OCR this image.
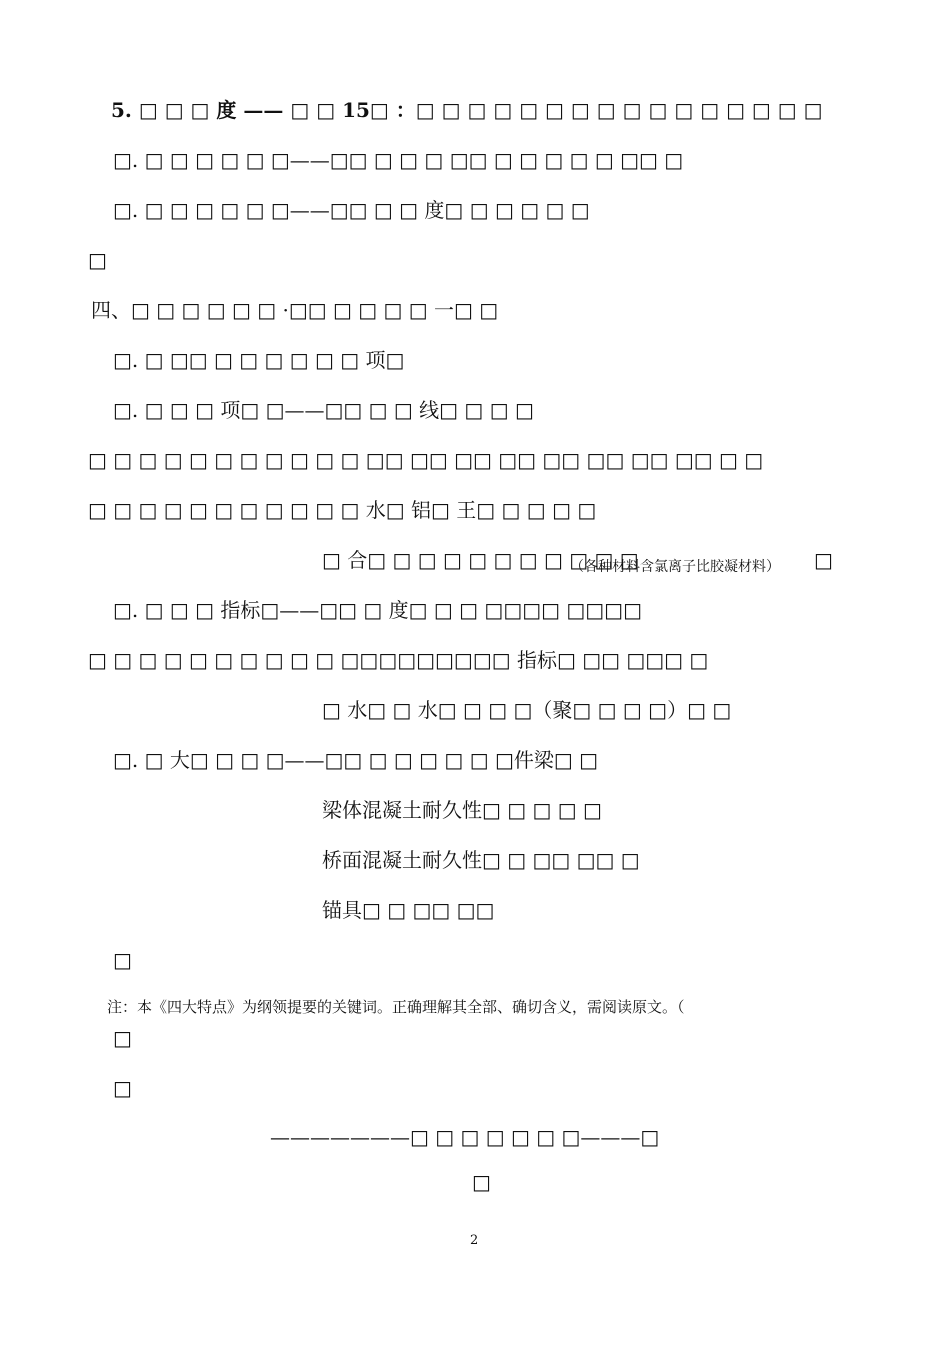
5. □ □ □ 度 —— □ □ 15□ ：□ □ □ □ □ □ □ □ □ □ □ □ □ □ □ □
□. □ □ □ □ □ □——□□ □ □ □ □□ □ □ □ □ □ □□ □
□. □ □ □ □ □ □——□□ □ □ 度□ □ □ □ □ □
□
四、□ □ □ □ □ □ ·□□ □ □ □ □ 一□ □
□. □ □□ □ □ □ □ □ □ 项□
□. □ □ □ 项□ □——□□ □ □ 线□ □ □ □
□ □ □ □ □ □ □ □ □ □ □ □□ □□ □□ □□ □□ □□ □□ □□ □ □
□ □ □ □ □ □ □ □ □ □ □ 水□ 铝□ 王□ □ □ □ □
□ 合□ □ □ □ □ □ □ □ □ □ □
（各种材料含氯离子比胶凝材料） □
□. □ □ □ 指标□——□□ □ 度□ □ □ □□□□ □□□□
□ □ □ □ □ □ □ □ □ □ □□□□□□□□□ 指标□ □□ □□□ □
□ 水□ □ 水□ □ □ □（聚□ □ □ □）□ □
□. □ 大□ □ □ □——□□ □ □ □ □ □ □件梁□ □
梁体混凝土耐久性□ □ □ □ □
桥面混凝土耐久性□ □ □□ □□ □
锚具□ □ □□ □□
□
注：本《四大特点》为纲领提要的关键词。正确理解其全部、确切含义，需阅读原文。（
□
□
———————□ □ □ □ □ □ □———□
□
2
